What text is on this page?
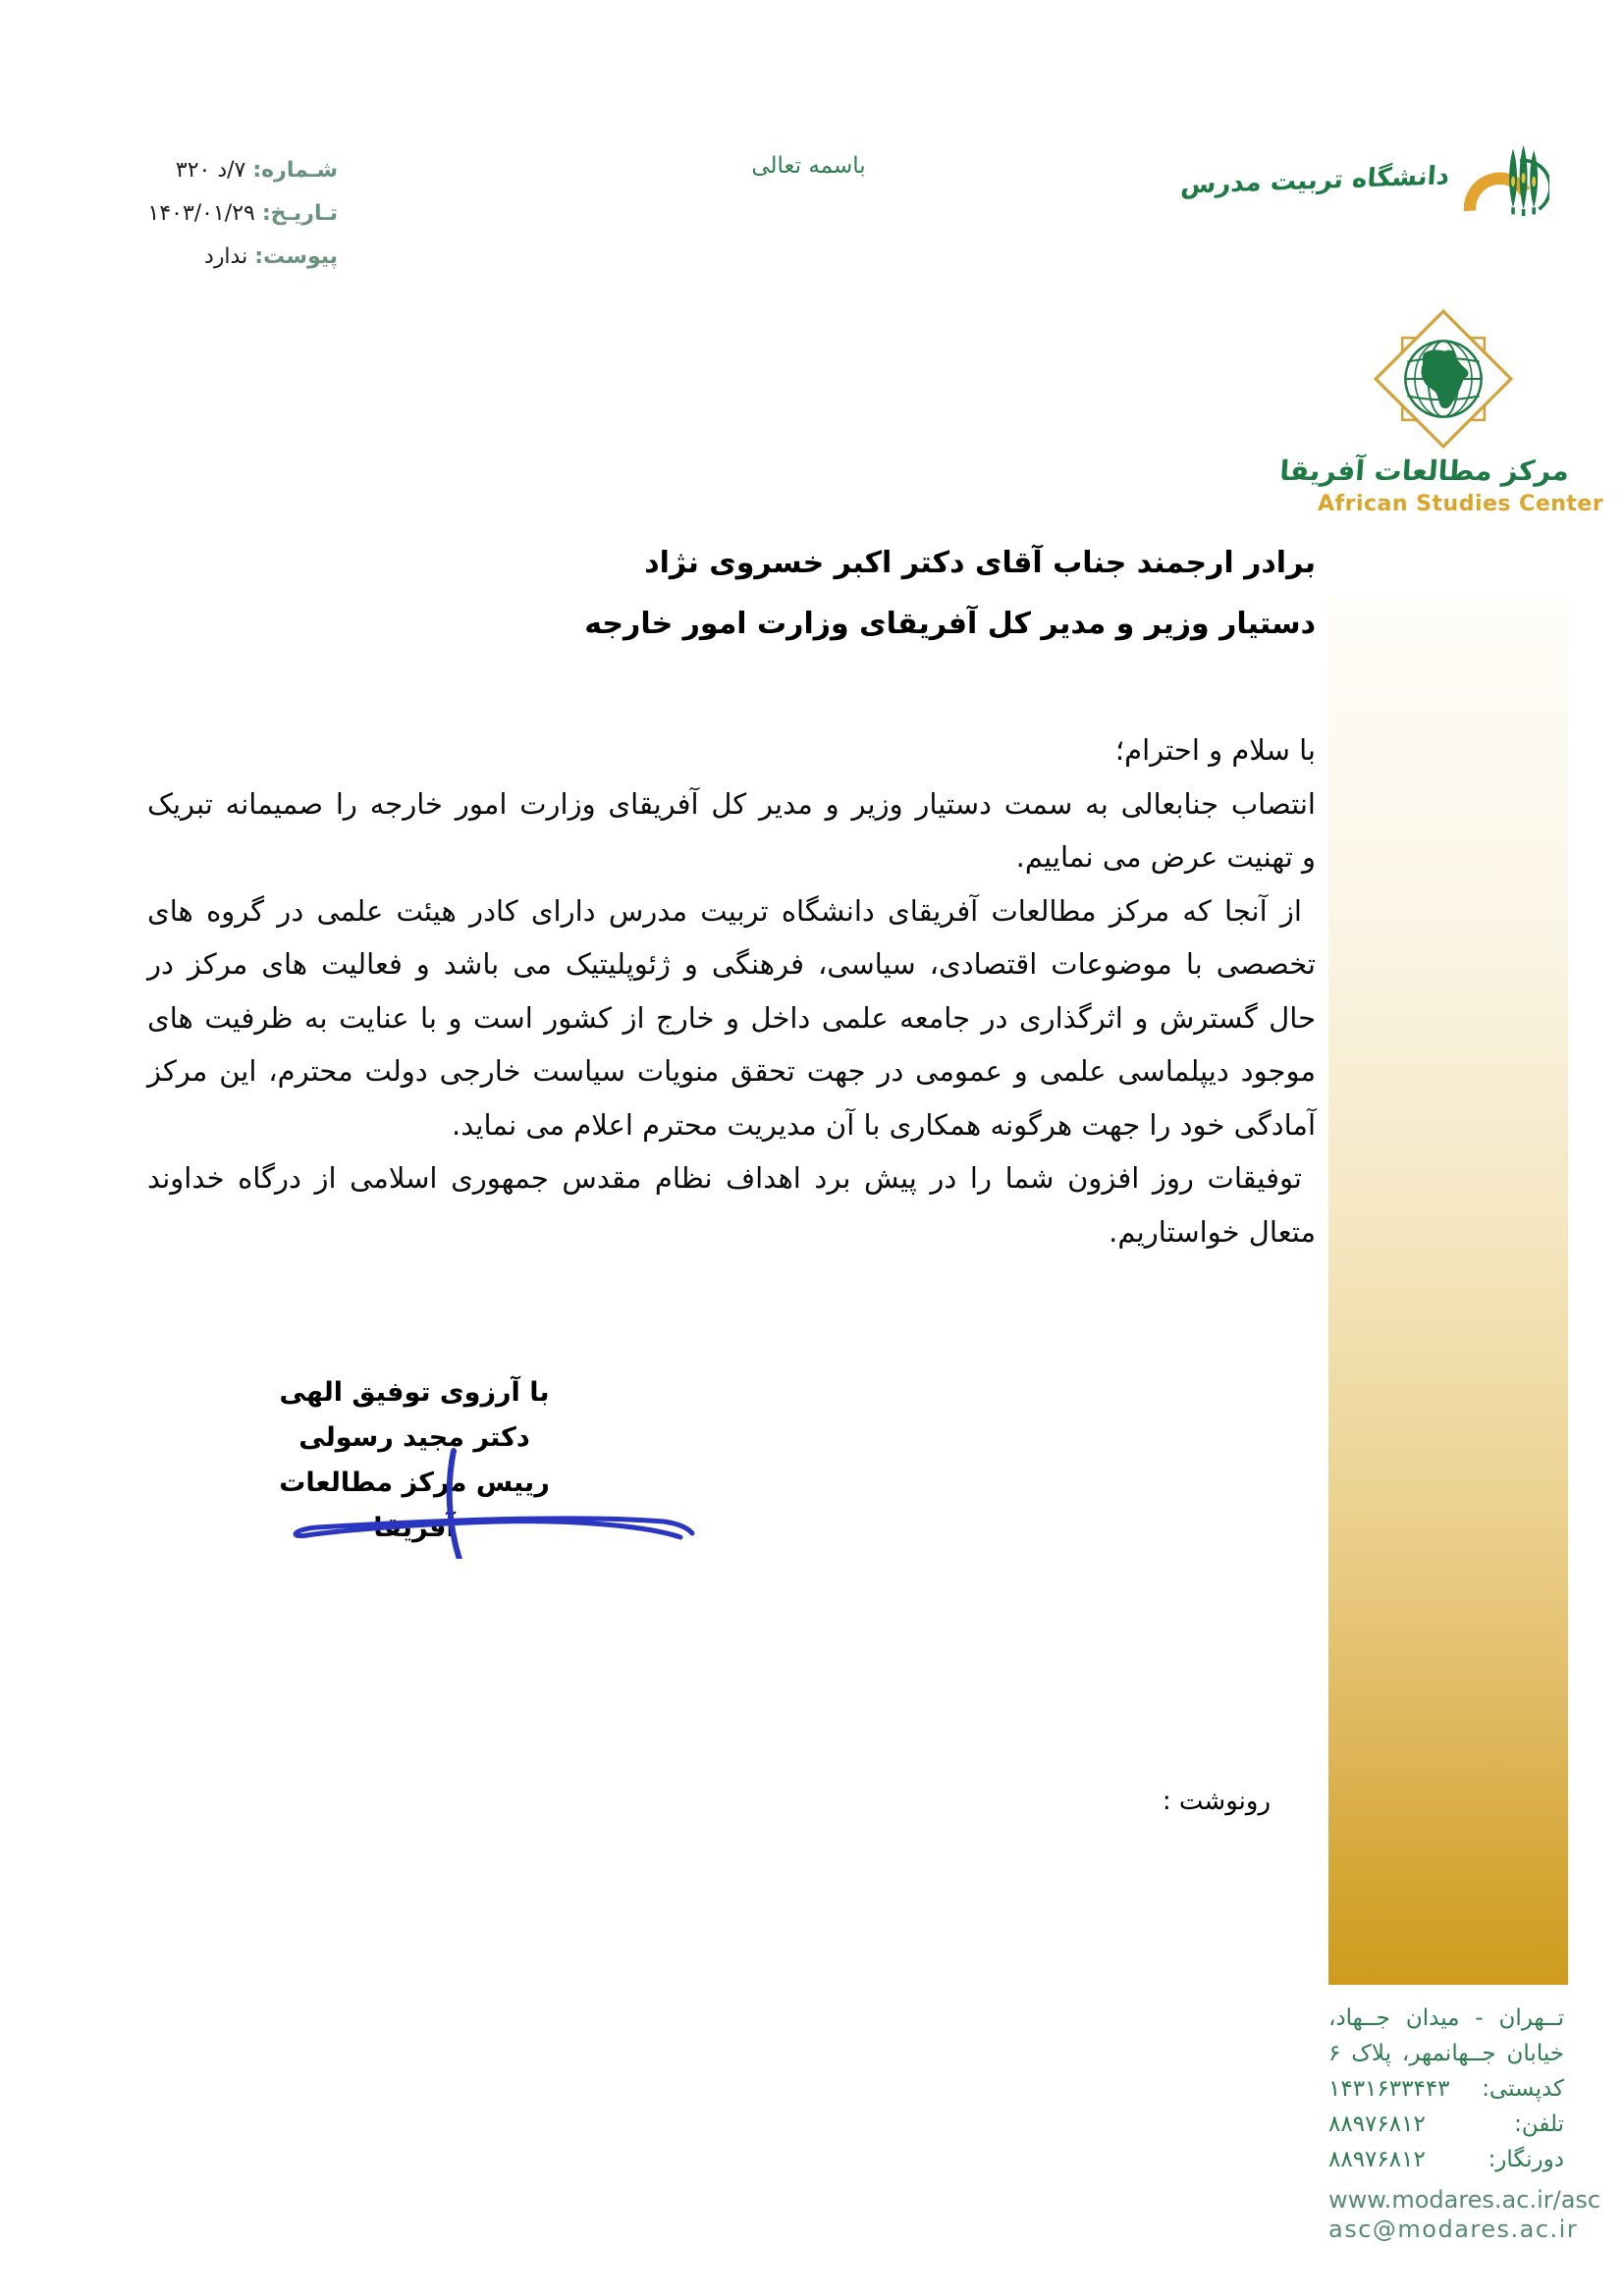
شـماره: ۷/د ۳۲۰
تـاریـخ: ۱۴۰۳/۰۱/۲۹
پیوست: ندارد
باسمه تعالی	دانشگاه تربیت مدرس
مرکز مطالعات آفریقا
African Studies Center
برادر ارجمند جناب آقای دکتر اکبر خسروی نژاد
دستیار وزیر و مدیر کل آفریقای وزارت امور خارجه
با سلام و احترام؛
انتصاب جنابعالی به سمت دستیار وزیر و مدیر کل آفریقای وزارت امور خارجه را صمیمانه تبریک
و تهنیت عرض می نماییم.
از آنجا که مرکز مطالعات آفریقای دانشگاه تربیت مدرس دارای کادر هیئت علمی در گروه های
تخصصی با موضوعات اقتصادی، سیاسی، فرهنگی و ژئوپلیتیک می باشد و فعالیت های مرکز در
حال گسترش و اثرگذاری در جامعه علمی داخل و خارج از کشور است و با عنایت به ظرفیت های
موجود دیپلماسی علمی و عمومی در جهت تحقق منویات سیاست خارجی دولت محترم، این مرکز
آمادگی خود را جهت هرگونه همکاری با آن مدیریت محترم اعلام می نماید.
توفیقات روز افزون شما را در پیش برد اهداف نظام مقدس جمهوری اسلامی از درگاه خداوند
متعال خواستاریم.
با آرزوی توفیق الهی
دکتر مجید رسولی
رییس مرکز مطالعات آفریقا
رونوشت :
تــهران - میدان جــهاد،
خیابان جــهانمهر، پلاک ۶
کدپستی:
۱۴۳۱۶۳۳۴۴۳
تلفن:
۸۸۹۷۶۸۱۲
دورنگار:
۸۸۹۷۶۸۱۲
www.modares.ac.ir/asc
asc@modares.ac.ir
